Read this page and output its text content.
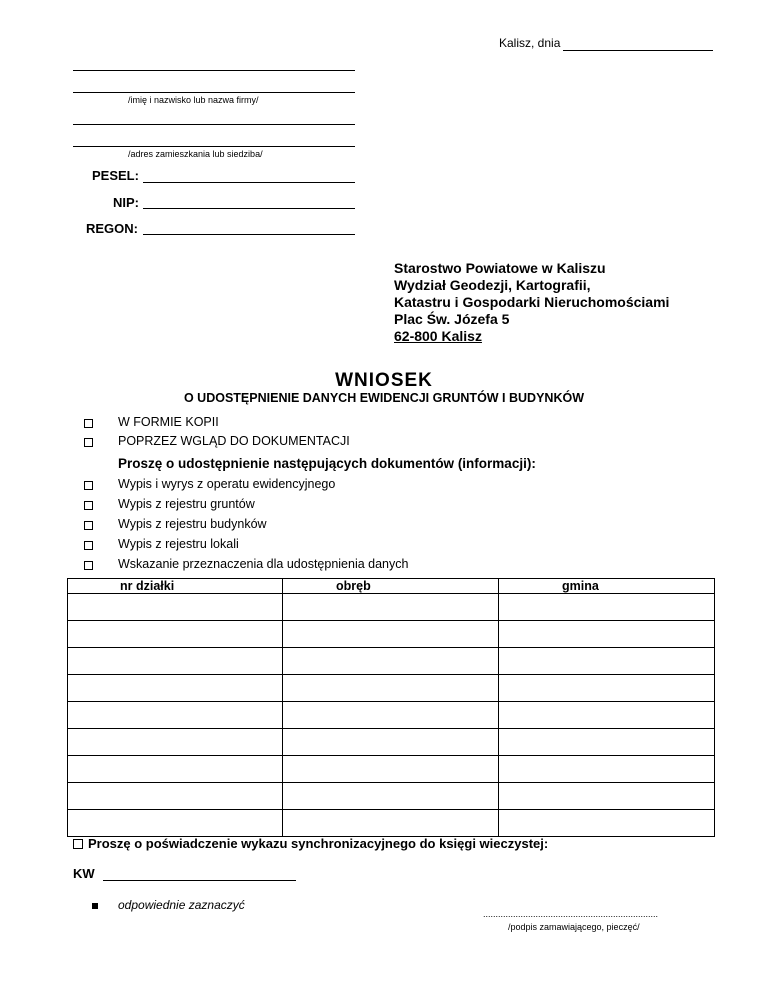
Kalisz, dnia
/imię i nazwisko lub nazwa firmy/
/adres zamieszkania lub siedziba/
PESEL:
NIP:
REGON:
Starostwo Powiatowe w Kaliszu
Wydział Geodezji, Kartografii,
Katastru i Gospodarki Nieruchomościami
Plac Św. Józefa 5
62-800 Kalisz
WNIOSEK
O UDOSTĘPNIENIE DANYCH EWIDENCJI GRUNTÓW I BUDYNKÓW
W FORMIE KOPII
POPRZEZ WGLĄD DO DOKUMENTACJI
Proszę o udostępnienie następujących dokumentów (informacji):
Wypis i wyrys z operatu ewidencyjnego
Wypis z rejestru gruntów
Wypis z rejestru budynków
Wypis z rejestru lokali
Wskazanie przeznaczenia dla udostępnienia danych
nr działki	obręb	gmina

Proszę o poświadczenie wykazu synchronizacyjnego do księgi wieczystej:
KW
odpowiednie zaznaczyć
......................................................................
/podpis zamawiającego, pieczęć/
